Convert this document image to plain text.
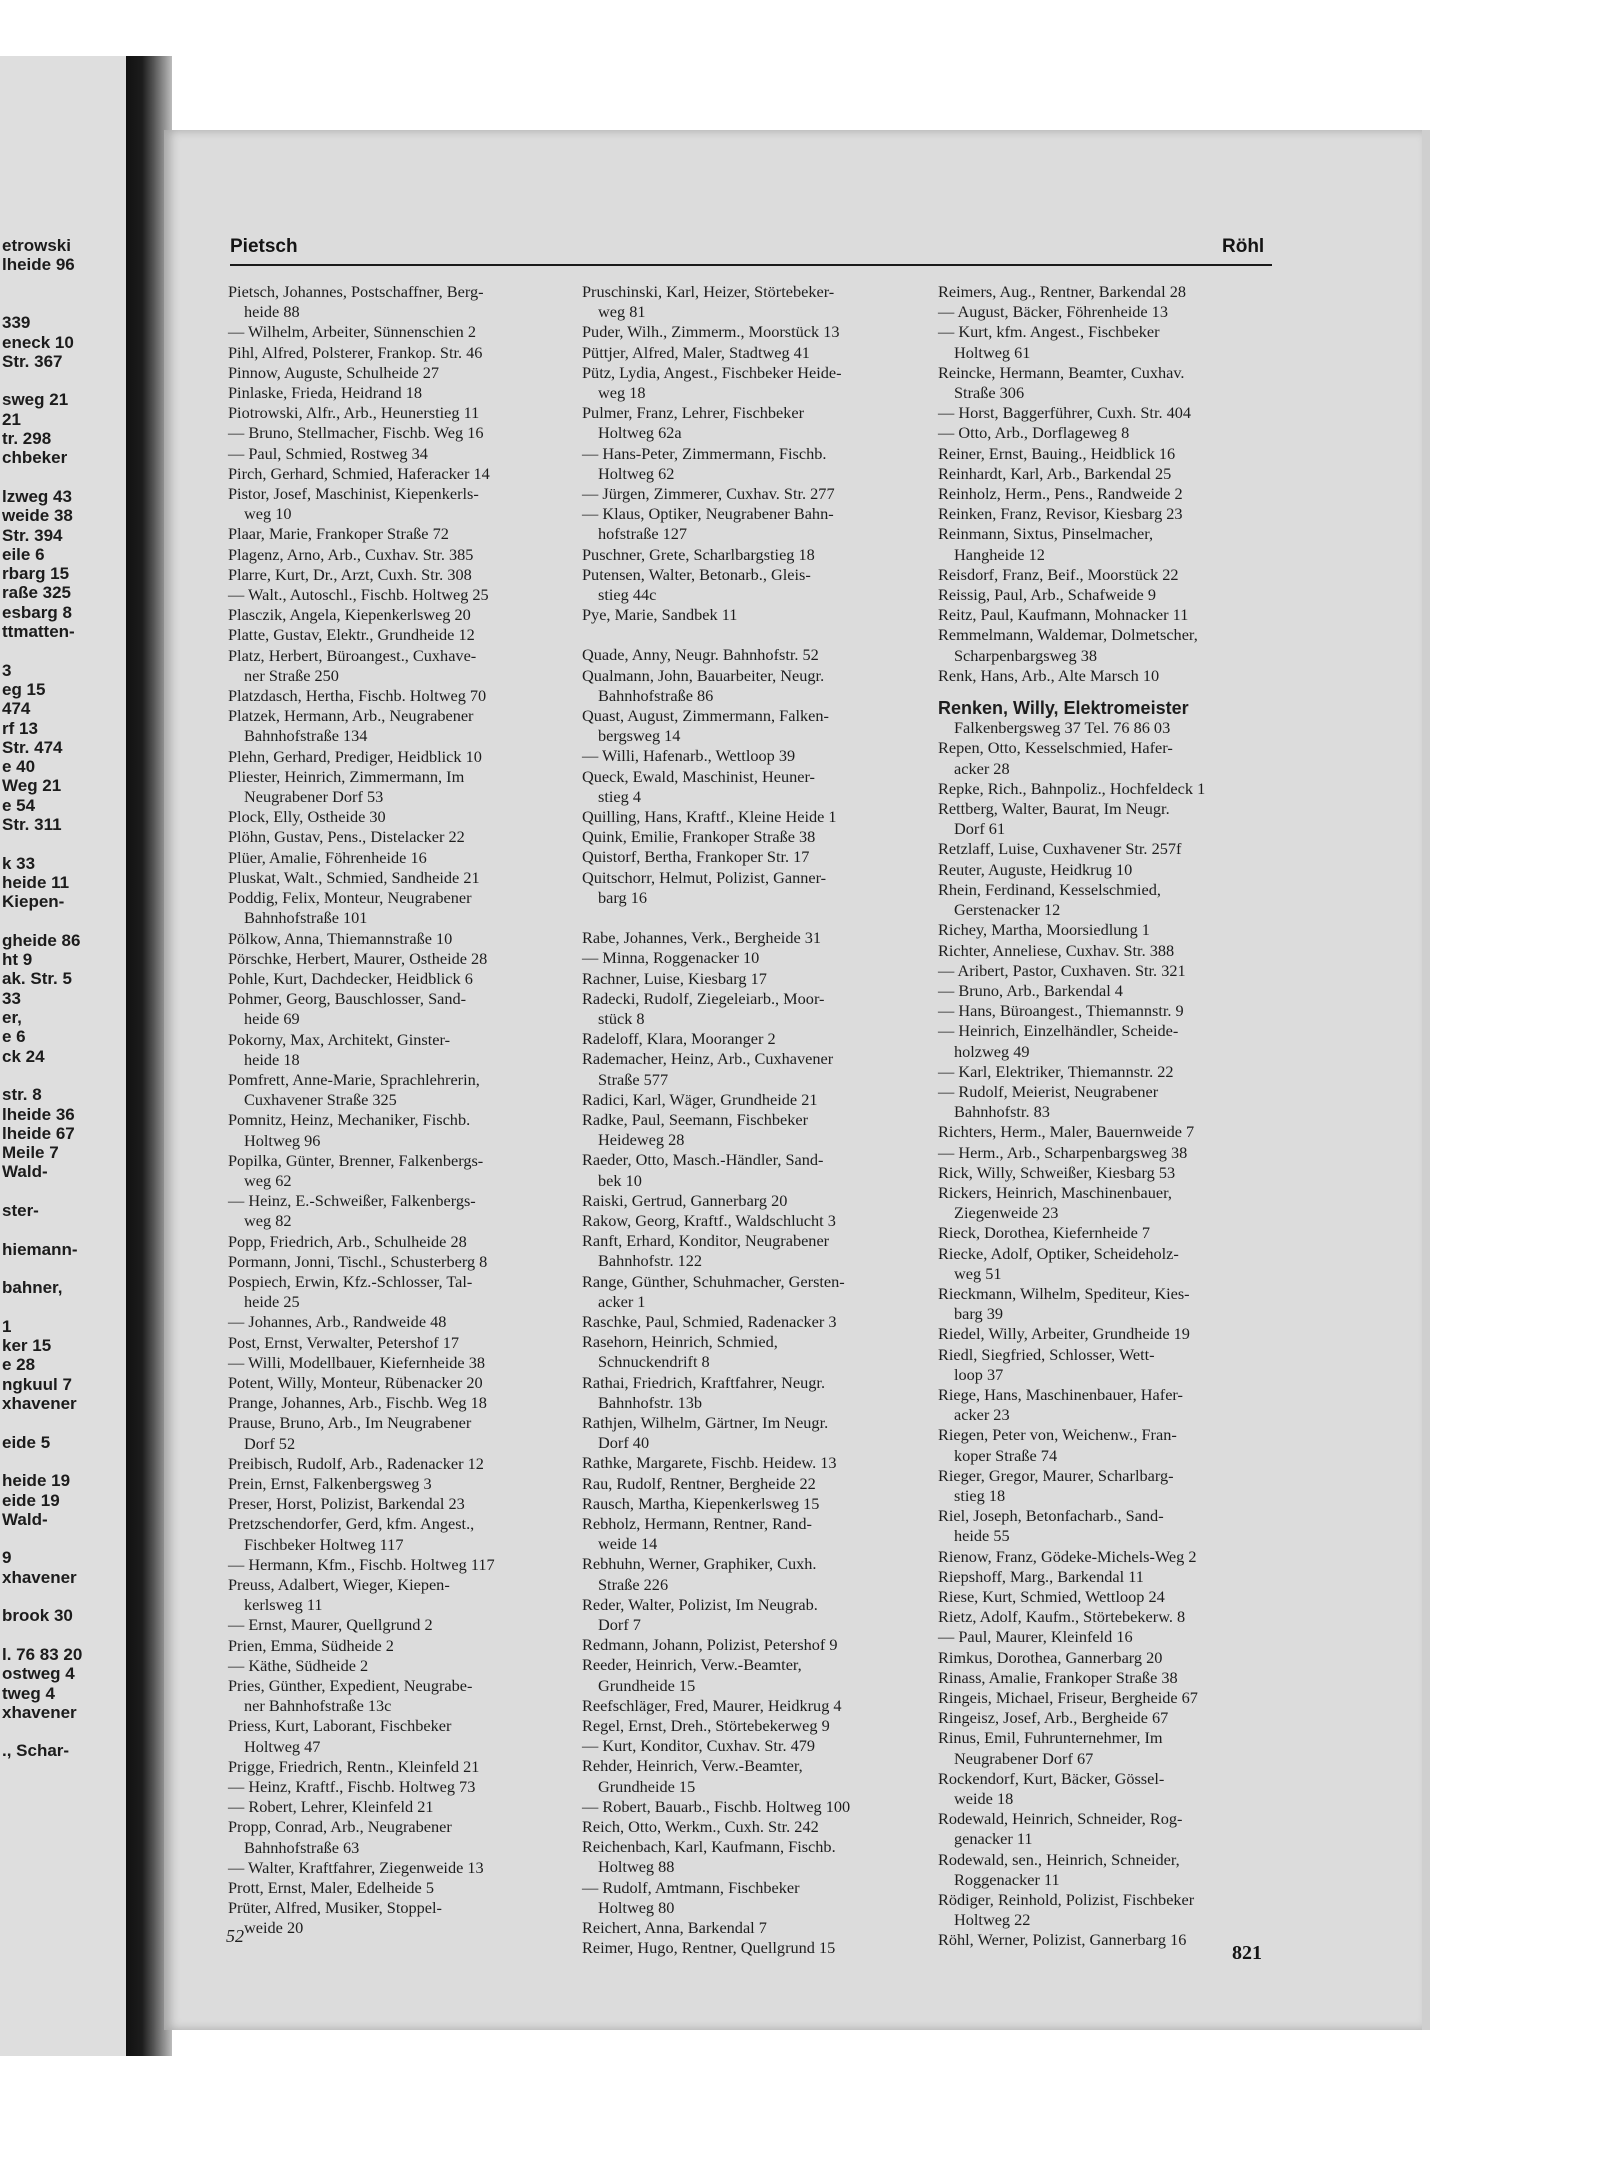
etrowski
lheide 96
339
eneck 10
Str. 367
sweg 21
21
tr. 298
chbeker
lzweg 43
weide 38
Str. 394
eile 6
rbarg 15
raße 325
esbarg 8
ttmatten-
3
eg 15
474
rf 13
Str. 474
e 40
Weg 21
e 54
Str. 311
k 33
heide 11
Kiepen-
gheide 86
ht 9
ak. Str. 5
33
er,
e 6
ck 24
str. 8
lheide 36
lheide 67
Meile 7
Wald-
ster-
hiemann-
bahner,
1
ker 15
e 28
ngkuul 7
xhavener
eide 5
heide 19
eide 19
Wald-
9
xhavener
brook 30
l. 76 83 20
ostweg 4
tweg 4
xhavener
., Schar-
Pietsch	Röhl
Pietsch, Johannes, Postschaffner, Berg-
heide 88
— Wilhelm, Arbeiter, Sünnenschien 2
Pihl, Alfred, Polsterer, Frankop. Str. 46
Pinnow, Auguste, Schulheide 27
Pinlaske, Frieda, Heidrand 18
Piotrowski, Alfr., Arb., Heunerstieg 11
— Bruno, Stellmacher, Fischb. Weg 16
— Paul, Schmied, Rostweg 34
Pirch, Gerhard, Schmied, Haferacker 14
Pistor, Josef, Maschinist, Kiepenkerls-
weg 10
Plaar, Marie, Frankoper Straße 72
Plagenz, Arno, Arb., Cuxhav. Str. 385
Plarre, Kurt, Dr., Arzt, Cuxh. Str. 308
— Walt., Autoschl., Fischb. Holtweg 25
Plasczik, Angela, Kiepenkerlsweg 20
Platte, Gustav, Elektr., Grundheide 12
Platz, Herbert, Büroangest., Cuxhave-
ner Straße 250
Platzdasch, Hertha, Fischb. Holtweg 70
Platzek, Hermann, Arb., Neugrabener
Bahnhofstraße 134
Plehn, Gerhard, Prediger, Heidblick 10
Pliester, Heinrich, Zimmermann, Im
Neugrabener Dorf 53
Plock, Elly, Ostheide 30
Plöhn, Gustav, Pens., Distelacker 22
Plüer, Amalie, Föhrenheide 16
Pluskat, Walt., Schmied, Sandheide 21
Poddig, Felix, Monteur, Neugrabener
Bahnhofstraße 101
Pölkow, Anna, Thiemannstraße 10
Pörschke, Herbert, Maurer, Ostheide 28
Pohle, Kurt, Dachdecker, Heidblick 6
Pohmer, Georg, Bauschlosser, Sand-
heide 69
Pokorny, Max, Architekt, Ginster-
heide 18
Pomfrett, Anne-Marie, Sprachlehrerin,
Cuxhavener Straße 325
Pomnitz, Heinz, Mechaniker, Fischb.
Holtweg 96
Popilka, Günter, Brenner, Falkenbergs-
weg 62
— Heinz, E.-Schweißer, Falkenbergs-
weg 82
Popp, Friedrich, Arb., Schulheide 28
Pormann, Jonni, Tischl., Schusterberg 8
Pospiech, Erwin, Kfz.-Schlosser, Tal-
heide 25
— Johannes, Arb., Randweide 48
Post, Ernst, Verwalter, Petershof 17
— Willi, Modellbauer, Kiefernheide 38
Potent, Willy, Monteur, Rübenacker 20
Prange, Johannes, Arb., Fischb. Weg 18
Prause, Bruno, Arb., Im Neugrabener
Dorf 52
Preibisch, Rudolf, Arb., Radenacker 12
Prein, Ernst, Falkenbergsweg 3
Preser, Horst, Polizist, Barkendal 23
Pretzschendorfer, Gerd, kfm. Angest.,
Fischbeker Holtweg 117
— Hermann, Kfm., Fischb. Holtweg 117
Preuss, Adalbert, Wieger, Kiepen-
kerlsweg 11
— Ernst, Maurer, Quellgrund 2
Prien, Emma, Südheide 2
— Käthe, Südheide 2
Pries, Günther, Expedient, Neugrabe-
ner Bahnhofstraße 13c
Priess, Kurt, Laborant, Fischbeker
Holtweg 47
Prigge, Friedrich, Rentn., Kleinfeld 21
— Heinz, Kraftf., Fischb. Holtweg 73
— Robert, Lehrer, Kleinfeld 21
Propp, Conrad, Arb., Neugrabener
Bahnhofstraße 63
— Walter, Kraftfahrer, Ziegenweide 13
Prott, Ernst, Maler, Edelheide 5
Prüter, Alfred, Musiker, Stoppel-
weide 20
Pruschinski, Karl, Heizer, Störtebeker-
weg 81
Puder, Wilh., Zimmerm., Moorstück 13
Püttjer, Alfred, Maler, Stadtweg 41
Pütz, Lydia, Angest., Fischbeker Heide-
weg 18
Pulmer, Franz, Lehrer, Fischbeker
Holtweg 62a
— Hans-Peter, Zimmermann, Fischb.
Holtweg 62
— Jürgen, Zimmerer, Cuxhav. Str. 277
— Klaus, Optiker, Neugrabener Bahn-
hofstraße 127
Puschner, Grete, Scharlbargstieg 18
Putensen, Walter, Betonarb., Gleis-
stieg 44c
Pye, Marie, Sandbek 11
Quade, Anny, Neugr. Bahnhofstr. 52
Qualmann, John, Bauarbeiter, Neugr.
Bahnhofstraße 86
Quast, August, Zimmermann, Falken-
bergsweg 14
— Willi, Hafenarb., Wettloop 39
Queck, Ewald, Maschinist, Heuner-
stieg 4
Quilling, Hans, Kraftf., Kleine Heide 1
Quink, Emilie, Frankoper Straße 38
Quistorf, Bertha, Frankoper Str. 17
Quitschorr, Helmut, Polizist, Ganner-
barg 16
Rabe, Johannes, Verk., Bergheide 31
— Minna, Roggenacker 10
Rachner, Luise, Kiesbarg 17
Radecki, Rudolf, Ziegeleiarb., Moor-
stück 8
Radeloff, Klara, Mooranger 2
Rademacher, Heinz, Arb., Cuxhavener
Straße 577
Radici, Karl, Wäger, Grundheide 21
Radke, Paul, Seemann, Fischbeker
Heideweg 28
Raeder, Otto, Masch.-Händler, Sand-
bek 10
Raiski, Gertrud, Gannerbarg 20
Rakow, Georg, Kraftf., Waldschlucht 3
Ranft, Erhard, Konditor, Neugrabener
Bahnhofstr. 122
Range, Günther, Schuhmacher, Gersten-
acker 1
Raschke, Paul, Schmied, Radenacker 3
Rasehorn, Heinrich, Schmied,
Schnuckendrift 8
Rathai, Friedrich, Kraftfahrer, Neugr.
Bahnhofstr. 13b
Rathjen, Wilhelm, Gärtner, Im Neugr.
Dorf 40
Rathke, Margarete, Fischb. Heidew. 13
Rau, Rudolf, Rentner, Bergheide 22
Rausch, Martha, Kiepenkerlsweg 15
Rebholz, Hermann, Rentner, Rand-
weide 14
Rebhuhn, Werner, Graphiker, Cuxh.
Straße 226
Reder, Walter, Polizist, Im Neugrab.
Dorf 7
Redmann, Johann, Polizist, Petershof 9
Reeder, Heinrich, Verw.-Beamter,
Grundheide 15
Reefschläger, Fred, Maurer, Heidkrug 4
Regel, Ernst, Dreh., Störtebekerweg 9
— Kurt, Konditor, Cuxhav. Str. 479
Rehder, Heinrich, Verw.-Beamter,
Grundheide 15
— Robert, Bauarb., Fischb. Holtweg 100
Reich, Otto, Werkm., Cuxh. Str. 242
Reichenbach, Karl, Kaufmann, Fischb.
Holtweg 88
— Rudolf, Amtmann, Fischbeker
Holtweg 80
Reichert, Anna, Barkendal 7
Reimer, Hugo, Rentner, Quellgrund 15
Reimers, Aug., Rentner, Barkendal 28
— August, Bäcker, Föhrenheide 13
— Kurt, kfm. Angest., Fischbeker
Holtweg 61
Reincke, Hermann, Beamter, Cuxhav.
Straße 306
— Horst, Baggerführer, Cuxh. Str. 404
— Otto, Arb., Dorflageweg 8
Reiner, Ernst, Bauing., Heidblick 16
Reinhardt, Karl, Arb., Barkendal 25
Reinholz, Herm., Pens., Randweide 2
Reinken, Franz, Revisor, Kiesbarg 23
Reinmann, Sixtus, Pinselmacher,
Hangheide 12
Reisdorf, Franz, Beif., Moorstück 22
Reissig, Paul, Arb., Schafweide 9
Reitz, Paul, Kaufmann, Mohnacker 11
Remmelmann, Waldemar, Dolmetscher,
Scharpenbargsweg 38
Renk, Hans, Arb., Alte Marsch 10
Renken, Willy, Elektromeister
Falkenbergsweg 37 Tel. 76 86 03
Repen, Otto, Kesselschmied, Hafer-
acker 28
Repke, Rich., Bahnpoliz., Hochfeldeck 1
Rettberg, Walter, Baurat, Im Neugr.
Dorf 61
Retzlaff, Luise, Cuxhavener Str. 257f
Reuter, Auguste, Heidkrug 10
Rhein, Ferdinand, Kesselschmied,
Gerstenacker 12
Richey, Martha, Moorsiedlung 1
Richter, Anneliese, Cuxhav. Str. 388
— Aribert, Pastor, Cuxhaven. Str. 321
— Bruno, Arb., Barkendal 4
— Hans, Büroangest., Thiemannstr. 9
— Heinrich, Einzelhändler, Scheide-
holzweg 49
— Karl, Elektriker, Thiemannstr. 22
— Rudolf, Meierist, Neugrabener
Bahnhofstr. 83
Richters, Herm., Maler, Bauernweide 7
— Herm., Arb., Scharpenbargsweg 38
Rick, Willy, Schweißer, Kiesbarg 53
Rickers, Heinrich, Maschinenbauer,
Ziegenweide 23
Rieck, Dorothea, Kiefernheide 7
Riecke, Adolf, Optiker, Scheideholz-
weg 51
Rieckmann, Wilhelm, Spediteur, Kies-
barg 39
Riedel, Willy, Arbeiter, Grundheide 19
Riedl, Siegfried, Schlosser, Wett-
loop 37
Riege, Hans, Maschinenbauer, Hafer-
acker 23
Riegen, Peter von, Weichenw., Fran-
koper Straße 74
Rieger, Gregor, Maurer, Scharlbarg-
stieg 18
Riel, Joseph, Betonfacharb., Sand-
heide 55
Rienow, Franz, Gödeke-Michels-Weg 2
Riepshoff, Marg., Barkendal 11
Riese, Kurt, Schmied, Wettloop 24
Rietz, Adolf, Kaufm., Störtebekerw. 8
— Paul, Maurer, Kleinfeld 16
Rimkus, Dorothea, Gannerbarg 20
Rinass, Amalie, Frankoper Straße 38
Ringeis, Michael, Friseur, Bergheide 67
Ringeisz, Josef, Arb., Bergheide 67
Rinus, Emil, Fuhrunternehmer, Im
Neugrabener Dorf 67
Rockendorf, Kurt, Bäcker, Gössel-
weide 18
Rodewald, Heinrich, Schneider, Rog-
genacker 11
Rodewald, sen., Heinrich, Schneider,
Roggenacker 11
Rödiger, Reinhold, Polizist, Fischbeker
Holtweg 22
Röhl, Werner, Polizist, Gannerbarg 16
52
821
